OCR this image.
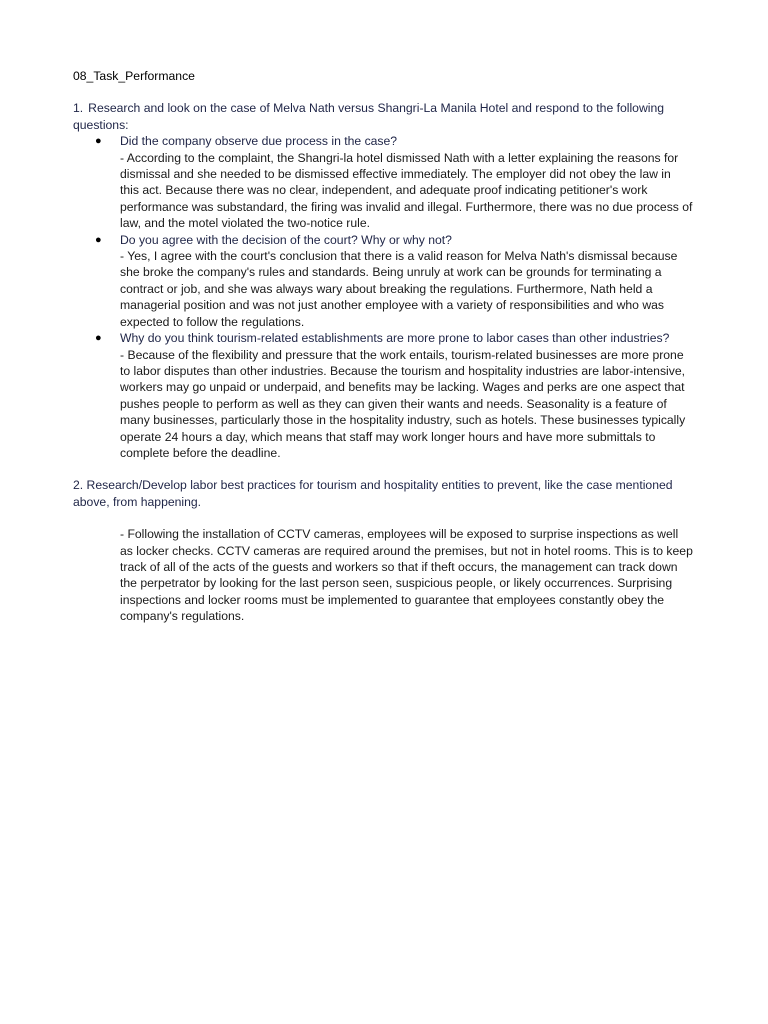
08_Task_Performance

1. Research and look on the case of Melva Nath versus Shangri-La Manila Hotel and respond to the following questions:

● Did the company observe due process in the case?
- According to the complaint, the Shangri-la hotel dismissed Nath with a letter explaining the reasons for dismissal and she needed to be dismissed effective immediately. The employer did not obey the law in this act. Because there was no clear, independent, and adequate proof indicating petitioner's work performance was substandard, the firing was invalid and illegal. Furthermore, there was no due process of law, and the motel violated the two-notice rule.
● Do you agree with the decision of the court? Why or why not?
- Yes, I agree with the court's conclusion that there is a valid reason for Melva Nath's dismissal because she broke the company's rules and standards. Being unruly at work can be grounds for terminating a contract or job, and she was always wary about breaking the regulations. Furthermore, Nath held a managerial position and was not just another employee with a variety of responsibilities and who was expected to follow the regulations.
● Why do you think tourism-related establishments are more prone to labor cases than other industries?
- Because of the flexibility and pressure that the work entails, tourism-related businesses are more prone to labor disputes than other industries. Because the tourism and hospitality industries are labor-intensive, workers may go unpaid or underpaid, and benefits may be lacking. Wages and perks are one aspect that pushes people to perform as well as they can given their wants and needs. Seasonality is a feature of many businesses, particularly those in the hospitality industry, such as hotels. These businesses typically operate 24 hours a day, which means that staff may work longer hours and have more submittals to complete before the deadline.

2. Research/Develop labor best practices for tourism and hospitality entities to prevent, like the case mentioned above, from happening.

- Following the installation of CCTV cameras, employees will be exposed to surprise inspections as well as locker checks. CCTV cameras are required around the premises, but not in hotel rooms. This is to keep track of all of the acts of the guests and workers so that if theft occurs, the management can track down the perpetrator by looking for the last person seen, suspicious people, or likely occurrences. Surprising inspections and locker rooms must be implemented to guarantee that employees constantly obey the company's regulations.
